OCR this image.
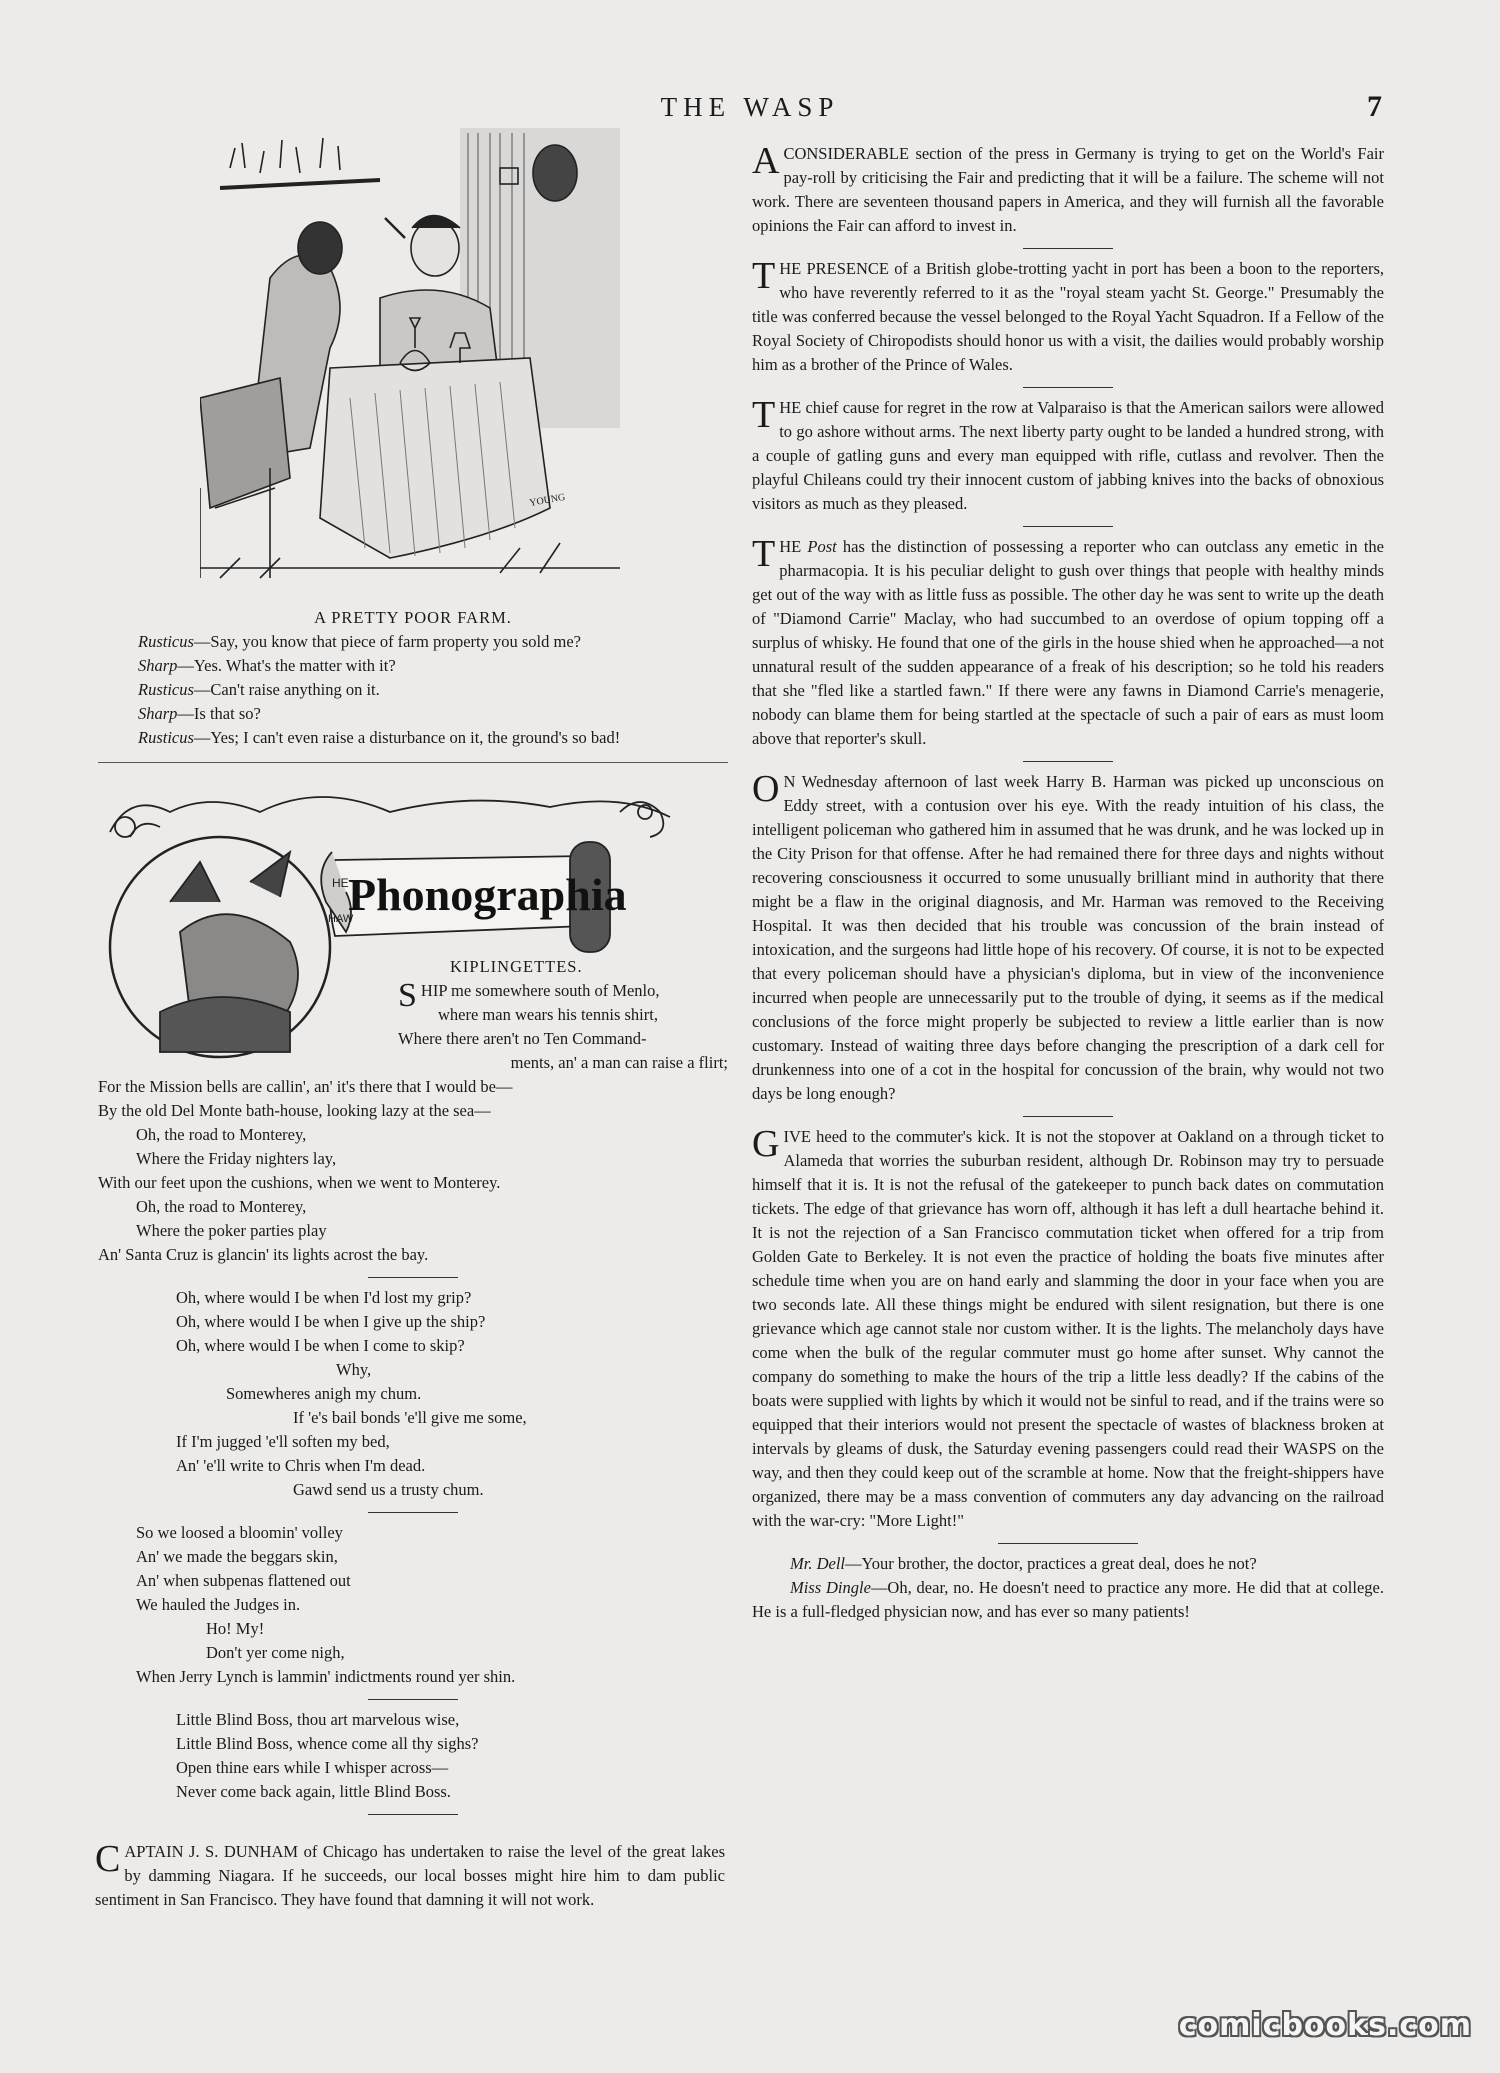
THE WASP	7
YOUNG
A PRETTY POOR FARM.

Rusticus—Say, you know that piece of farm property you sold me?

Sharp—Yes. What's the matter with it?

Rusticus—Can't raise anything on it.

Sharp—Is that so?

Rusticus—Yes; I can't even raise a disturbance on it, the ground's so bad!

Phonographia
HE
HAW
KIPLINGETTES.
SHIP me somewhere south of Menlo,
where man wears his tennis shirt,
Where there aren't no Ten Command-
ments, an' a man can raise a flirt;
For the Mission bells are callin', an' it's there that I would be—
By the old Del Monte bath-house, looking lazy at the sea—
Oh, the road to Monterey,
Where the Friday nighters lay,
With our feet upon the cushions, when we went to Monterey.
Oh, the road to Monterey,
Where the poker parties play
An' Santa Cruz is glancin' its lights acrost the bay.
Oh, where would I be when I'd lost my grip?
Oh, where would I be when I give up the ship?
Oh, where would I be when I come to skip?
Why,
Somewheres anigh my chum.
If 'e's bail bonds 'e'll give me some,
If I'm jugged 'e'll soften my bed,
An' 'e'll write to Chris when I'm dead.
Gawd send us a trusty chum.
So we loosed a bloomin' volley
An' we made the beggars skin,
An' when subpenas flattened out
We hauled the Judges in.
Ho! My!
Don't yer come nigh,
When Jerry Lynch is lammin' indictments round yer shin.
Little Blind Boss, thou art marvelous wise,
Little Blind Boss, whence come all thy sighs?
Open thine ears while I whisper across—
Never come back again, little Blind Boss.

CAPTAIN J. S. DUNHAM of Chicago has undertaken to raise the level of the great lakes by damming Niagara. If he succeeds, our local bosses might hire him to dam public sentiment in San Francisco. They have found that damning it will not work.

A CONSIDERABLE section of the press in Germany is trying to get on the World's Fair pay-roll by criticising the Fair and predicting that it will be a failure. The scheme will not work. There are seventeen thousand papers in America, and they will furnish all the favorable opinions the Fair can afford to invest in.

THE PRESENCE of a British globe-trotting yacht in port has been a boon to the reporters, who have reverently referred to it as the "royal steam yacht St. George." Presumably the title was conferred because the vessel belonged to the Royal Yacht Squadron. If a Fellow of the Royal Society of Chiropodists should honor us with a visit, the dailies would probably worship him as a brother of the Prince of Wales.

THE chief cause for regret in the row at Valparaiso is that the American sailors were allowed to go ashore without arms. The next liberty party ought to be landed a hundred strong, with a couple of gatling guns and every man equipped with rifle, cutlass and revolver. Then the playful Chileans could try their innocent custom of jabbing knives into the backs of obnoxious visitors as much as they pleased.

THE Post has the distinction of possessing a reporter who can outclass any emetic in the pharmacopia. It is his peculiar delight to gush over things that people with healthy minds get out of the way with as little fuss as possible. The other day he was sent to write up the death of "Diamond Carrie" Maclay, who had succumbed to an overdose of opium topping off a surplus of whisky. He found that one of the girls in the house shied when he approached—a not unnatural result of the sudden appearance of a freak of his description; so he told his readers that she "fled like a startled fawn." If there were any fawns in Diamond Carrie's menagerie, nobody can blame them for being startled at the spectacle of such a pair of ears as must loom above that reporter's skull.

O N Wednesday afternoon of last week Harry B. Harman was picked up unconscious on Eddy street, with a contusion over his eye. With the ready intuition of his class, the intelligent policeman who gathered him in assumed that he was drunk, and he was locked up in the City Prison for that offense. After he had remained there for three days and nights without recovering consciousness it occurred to some unusually brilliant mind in authority that there might be a flaw in the original diagnosis, and Mr. Harman was removed to the Receiving Hospital. It was then decided that his trouble was concussion of the brain instead of intoxication, and the surgeons had little hope of his recovery. Of course, it is not to be expected that every policeman should have a physician's diploma, but in view of the inconvenience incurred when people are unnecessarily put to the trouble of dying, it seems as if the medical conclusions of the force might properly be subjected to review a little earlier than is now customary. Instead of waiting three days before changing the prescription of a dark cell for drunkenness into one of a cot in the hospital for concussion of the brain, why would not two days be long enough?

GIVE heed to the commuter's kick. It is not the stopover at Oakland on a through ticket to Alameda that worries the suburban resident, although Dr. Robinson may try to persuade himself that it is. It is not the refusal of the gatekeeper to punch back dates on commutation tickets. The edge of that grievance has worn off, although it has left a dull heartache behind it. It is not the rejection of a San Francisco commutation ticket when offered for a trip from Golden Gate to Berkeley. It is not even the practice of holding the boats five minutes after schedule time when you are on hand early and slamming the door in your face when you are two seconds late. All these things might be endured with silent resignation, but there is one grievance which age cannot stale nor custom wither. It is the lights. The melancholy days have come when the bulk of the regular commuter must go home after sunset. Why cannot the company do something to make the hours of the trip a little less deadly? If the cabins of the boats were supplied with lights by which it would not be sinful to read, and if the trains were so equipped that their interiors would not present the spectacle of wastes of blackness broken at intervals by gleams of dusk, the Saturday evening passengers could read their WASPS on the way, and then they could keep out of the scramble at home. Now that the freight-shippers have organized, there may be a mass convention of commuters any day advancing on the railroad with the war-cry: "More Light!"

Mr. Dell—Your brother, the doctor, practices a great deal, does he not?

Miss Dingle—Oh, dear, no. He doesn't need to practice any more. He did that at college. He is a full-fledged physician now, and has ever so many patients!

comicbooks.com
